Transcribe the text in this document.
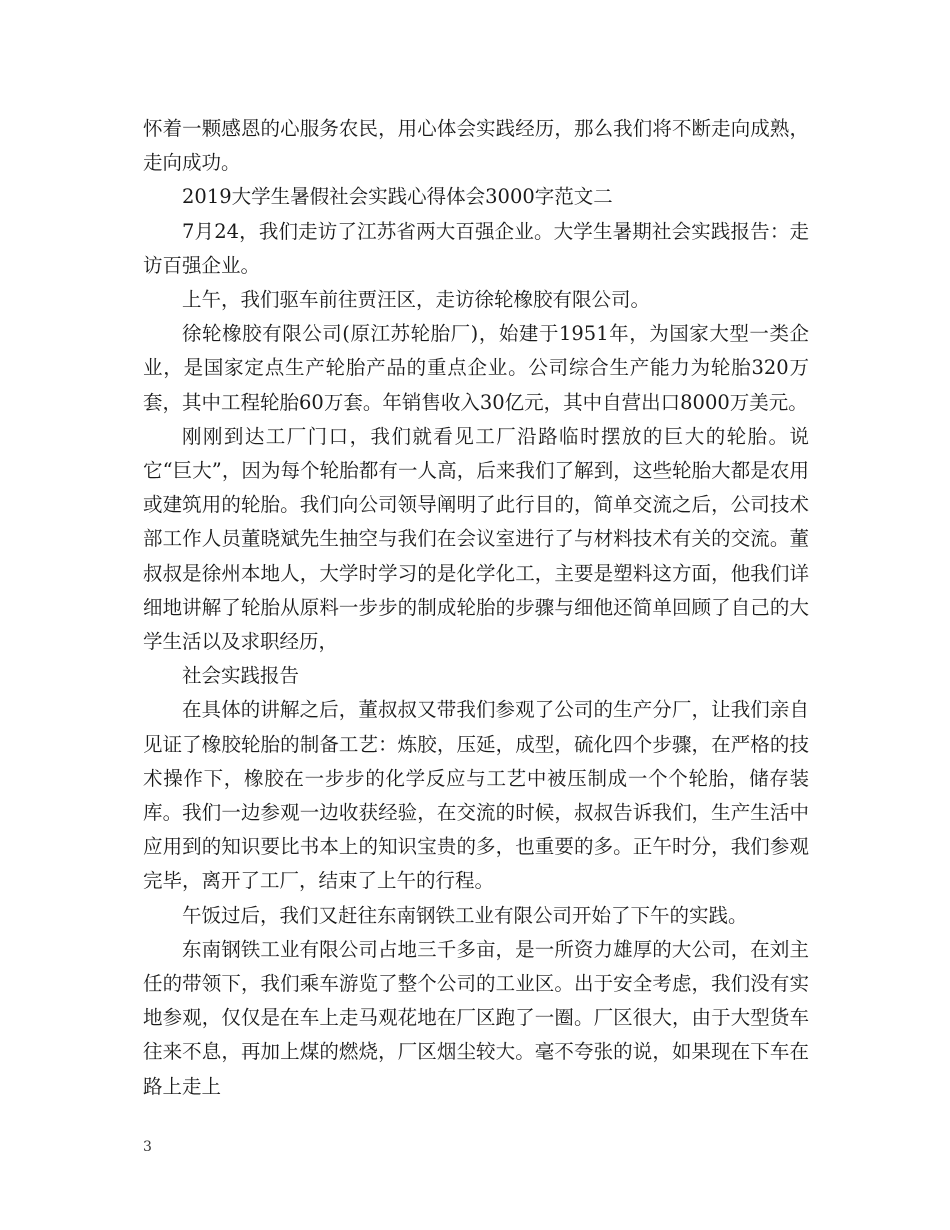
怀着一颗感恩的心服务农民，用心体会实践经历，那么我们将不断走向成熟，走向成功。

2019大学生暑假社会实践心得体会3000字范文二

7月24，我们走访了江苏省两大百强企业。大学生暑期社会实践报告：走访百强企业。

上午，我们驱车前往贾汪区，走访徐轮橡胶有限公司。

徐轮橡胶有限公司(原江苏轮胎厂)，始建于1951年，为国家大型一类企业，是国家定点生产轮胎产品的重点企业。公司综合生产能力为轮胎320万套，其中工程轮胎60万套。年销售收入30亿元，其中自营出口8000万美元。

刚刚到达工厂门口，我们就看见工厂沿路临时摆放的巨大的轮胎。说它“巨大”，因为每个轮胎都有一人高，后来我们了解到，这些轮胎大都是农用或建筑用的轮胎。我们向公司领导阐明了此行目的，简单交流之后，公司技术部工作人员董晓斌先生抽空与我们在会议室进行了与材料技术有关的交流。董叔叔是徐州本地人，大学时学习的是化学化工，主要是塑料这方面，他我们详细地讲解了轮胎从原料一步步的制成轮胎的步骤与细他还简单回顾了自己的大学生活以及求职经历，

社会实践报告

在具体的讲解之后，董叔叔又带我们参观了公司的生产分厂，让我们亲自见证了橡胶轮胎的制备工艺：炼胶，压延，成型，硫化四个步骤，在严格的技术操作下，橡胶在一步步的化学反应与工艺中被压制成一个个轮胎，储存装库。我们一边参观一边收获经验，在交流的时候，叔叔告诉我们，生产生活中应用到的知识要比书本上的知识宝贵的多，也重要的多。正午时分，我们参观完毕，离开了工厂，结束了上午的行程。

午饭过后，我们又赶往东南钢铁工业有限公司开始了下午的实践。

东南钢铁工业有限公司占地三千多亩，是一所资力雄厚的大公司，在刘主任的带领下，我们乘车游览了整个公司的工业区。出于安全考虑，我们没有实地参观，仅仅是在车上走马观花地在厂区跑了一圈。厂区很大，由于大型货车往来不息，再加上煤的燃烧，厂区烟尘较大。毫不夸张的说，如果现在下车在路上走上

3
